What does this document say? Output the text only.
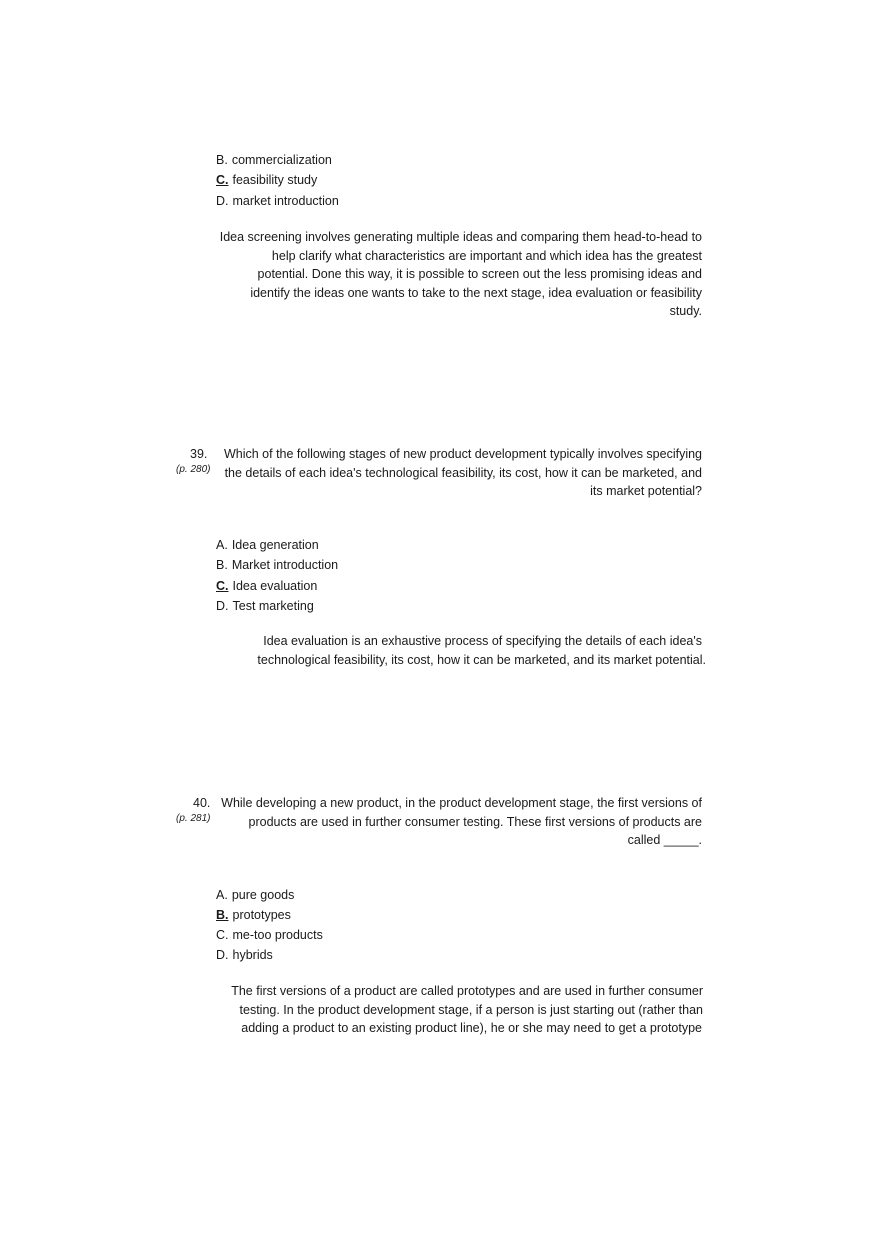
B. commercialization
C. feasibility study
D. market introduction
Idea screening involves generating multiple ideas and comparing them head-to-head to
help clarify what characteristics are important and which idea has the greatest
potential. Done this way, it is possible to screen out the less promising ideas and
identify the ideas one wants to take to the next stage, idea evaluation or feasibility
study.
39.
(p. 280)
Which of the following stages of new product development typically involves specifying
the details of each idea's technological feasibility, its cost, how it can be marketed, and
its market potential?
A. Idea generation
B. Market introduction
C. Idea evaluation
D. Test marketing
Idea evaluation is an exhaustive process of specifying the details of each idea's
technological feasibility, its cost, how it can be marketed, and its market potential.
40.
(p. 281)
While developing a new product, in the product development stage, the first versions of
products are used in further consumer testing. These first versions of products are
called _____.
A. pure goods
B. prototypes
C. me-too products
D. hybrids
The first versions of a product are called prototypes and are used in further consumer
testing. In the product development stage, if a person is just starting out (rather than
adding a product to an existing product line), he or she may need to get a prototype
